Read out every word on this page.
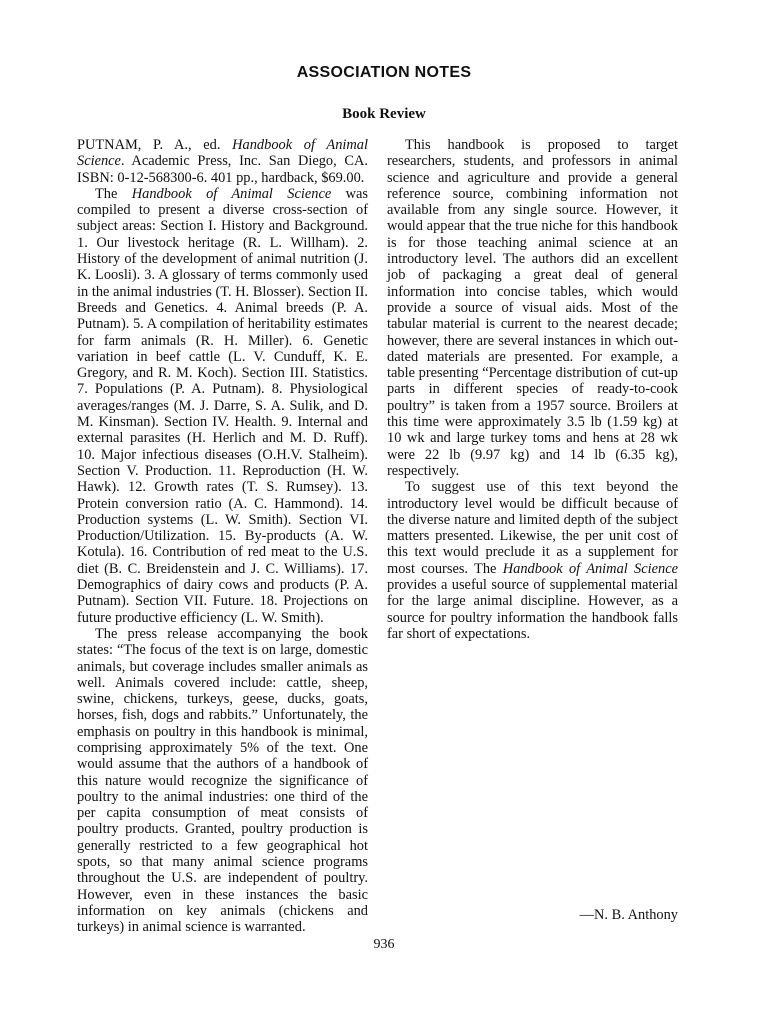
ASSOCIATION NOTES
Book Review

PUTNAM, P. A., ed. Handbook of Animal Science. Academic Press, Inc. San Diego, CA. ISBN: 0-12-568300-6. 401 pp., hardback, $69.00.

The Handbook of Animal Science was compiled to present a diverse cross-section of subject areas: Section I. History and Background. 1. Our livestock heritage (R. L. Willham). 2. History of the development of animal nutrition (J. K. Loosli). 3. A glossary of terms commonly used in the animal industries (T. H. Blosser). Section II. Breeds and Genetics. 4. Animal breeds (P. A. Putnam). 5. A compilation of heritability estimates for farm animals (R. H. Miller). 6. Genetic variation in beef cattle (L. V. Cunduff, K. E. Gregory, and R. M. Koch). Section III. Statistics. 7. Populations (P. A. Putnam). 8. Physiological averages/ranges (M. J. Darre, S. A. Sulik, and D. M. Kinsman). Section IV. Health. 9. Internal and external parasites (H. Herlich and M. D. Ruff). 10. Major infectious diseases (O.H.V. Stalheim). Section V. Production. 11. Reproduction (H. W. Hawk). 12. Growth rates (T. S. Rumsey). 13. Protein conversion ratio (A. C. Hammond). 14. Production systems (L. W. Smith). Section VI. Production/Utilization. 15. By-products (A. W. Kotula). 16. Contribution of red meat to the U.S. diet (B. C. Breidenstein and J. C. Williams). 17. Demographics of dairy cows and products (P. A. Putnam). Section VII. Future. 18. Projections on future productive efficiency (L. W. Smith).

The press release accompanying the book states: “The focus of the text is on large, domestic animals, but coverage includes smaller animals as well. Animals covered include: cattle, sheep, swine, chickens, turkeys, geese, ducks, goats, horses, fish, dogs and rabbits.” Unfortunately, the emphasis on poultry in this handbook is minimal, comprising approximately 5% of the text. One would assume that the authors of a handbook of this nature would recognize the significance of poultry to the animal industries: one third of the per capita consumption of meat consists of poultry products. Granted, poultry production is generally restricted to a few geographical hot spots, so that many animal science programs throughout the U.S. are independent of poultry. However, even in these instances the basic information on key animals (chickens and turkeys) in animal science is warranted.

This handbook is proposed to target researchers, students, and professors in animal science and agriculture and provide a general reference source, combining information not available from any single source. However, it would appear that the true niche for this handbook is for those teaching animal science at an introductory level. The authors did an excellent job of packaging a great deal of general information into concise tables, which would provide a source of visual aids. Most of the tabular material is current to the nearest decade; however, there are several instances in which out-dated materials are presented. For example, a table presenting “Percentage distribution of cut-up parts in different species of ready-to-cook poultry” is taken from a 1957 source. Broilers at this time were approximately 3.5 lb (1.59 kg) at 10 wk and large turkey toms and hens at 28 wk were 22 lb (9.97 kg) and 14 lb (6.35 kg), respectively.

To suggest use of this text beyond the introductory level would be difficult because of the diverse nature and limited depth of the subject matters presented. Likewise, the per unit cost of this text would preclude it as a supplement for most courses. The Handbook of Animal Science provides a useful source of supplemental material for the large animal discipline. However, as a source for poultry information the handbook falls far short of expectations.

—N. B. Anthony
936
